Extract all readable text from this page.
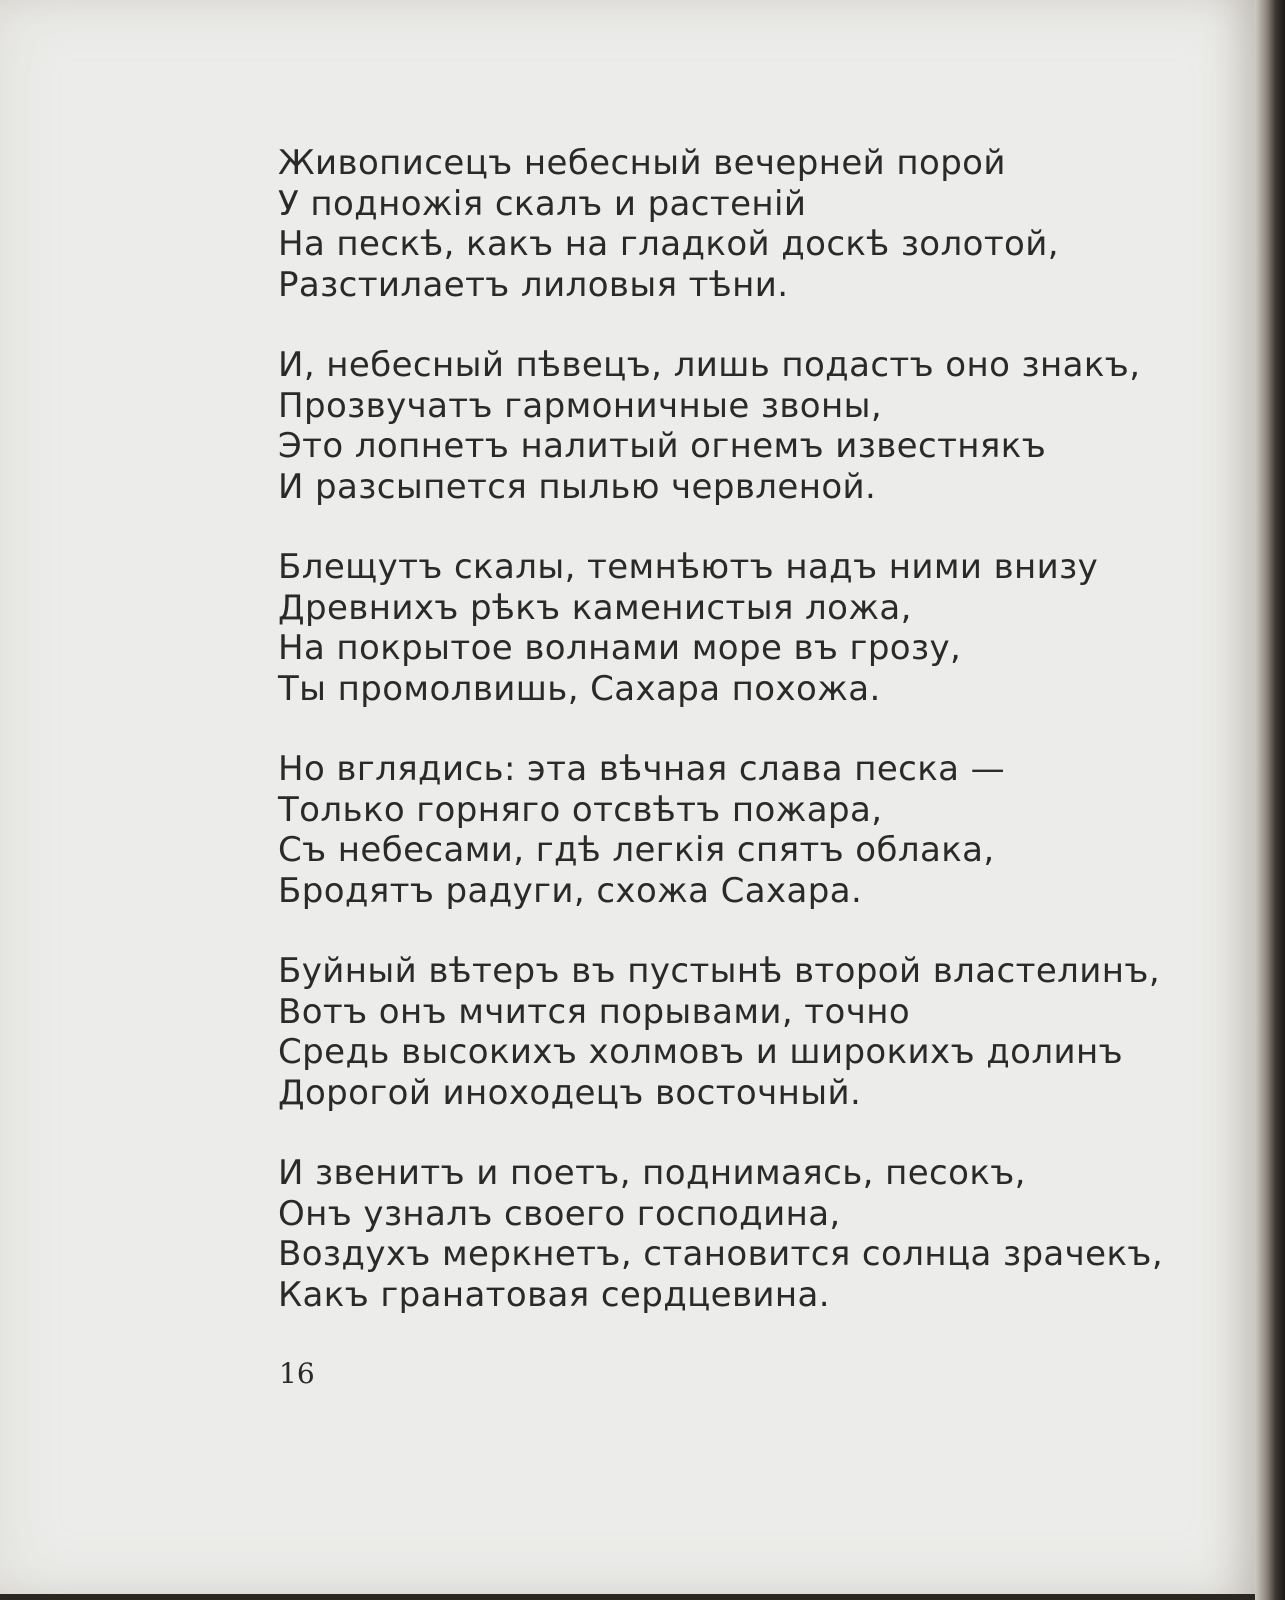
Живописецъ небесный вечерней порой
У подножія скалъ и растеній
На пескѣ, какъ на гладкой доскѣ золотой,
Разстилаетъ лиловыя тѣни.
И, небесный пѣвецъ, лишь подастъ оно знакъ,
Прозвучатъ гармоничные звоны,
Это лопнетъ налитый огнемъ известнякъ
И разсыпется пылью червленой.
Блещутъ скалы, темнѣютъ надъ ними внизу
Древнихъ рѣкъ каменистыя ложа,
На покрытое волнами море въ грозу,
Ты промолвишь, Сахара похожа.
Но вглядись: эта вѣчная слава песка —
Только горняго отсвѣтъ пожара,
Съ небесами, гдѣ легкія спятъ облака,
Бродятъ радуги, схожа Сахара.
Буйный вѣтеръ въ пустынѣ второй властелинъ,
Вотъ онъ мчится порывами, точно
Средь высокихъ холмовъ и широкихъ долинъ
Дорогой иноходецъ восточный.
И звенитъ и поетъ, поднимаясь, песокъ,
Онъ узналъ своего господина,
Воздухъ меркнетъ, становится солнца зрачекъ,
Какъ гранатовая сердцевина.
16
